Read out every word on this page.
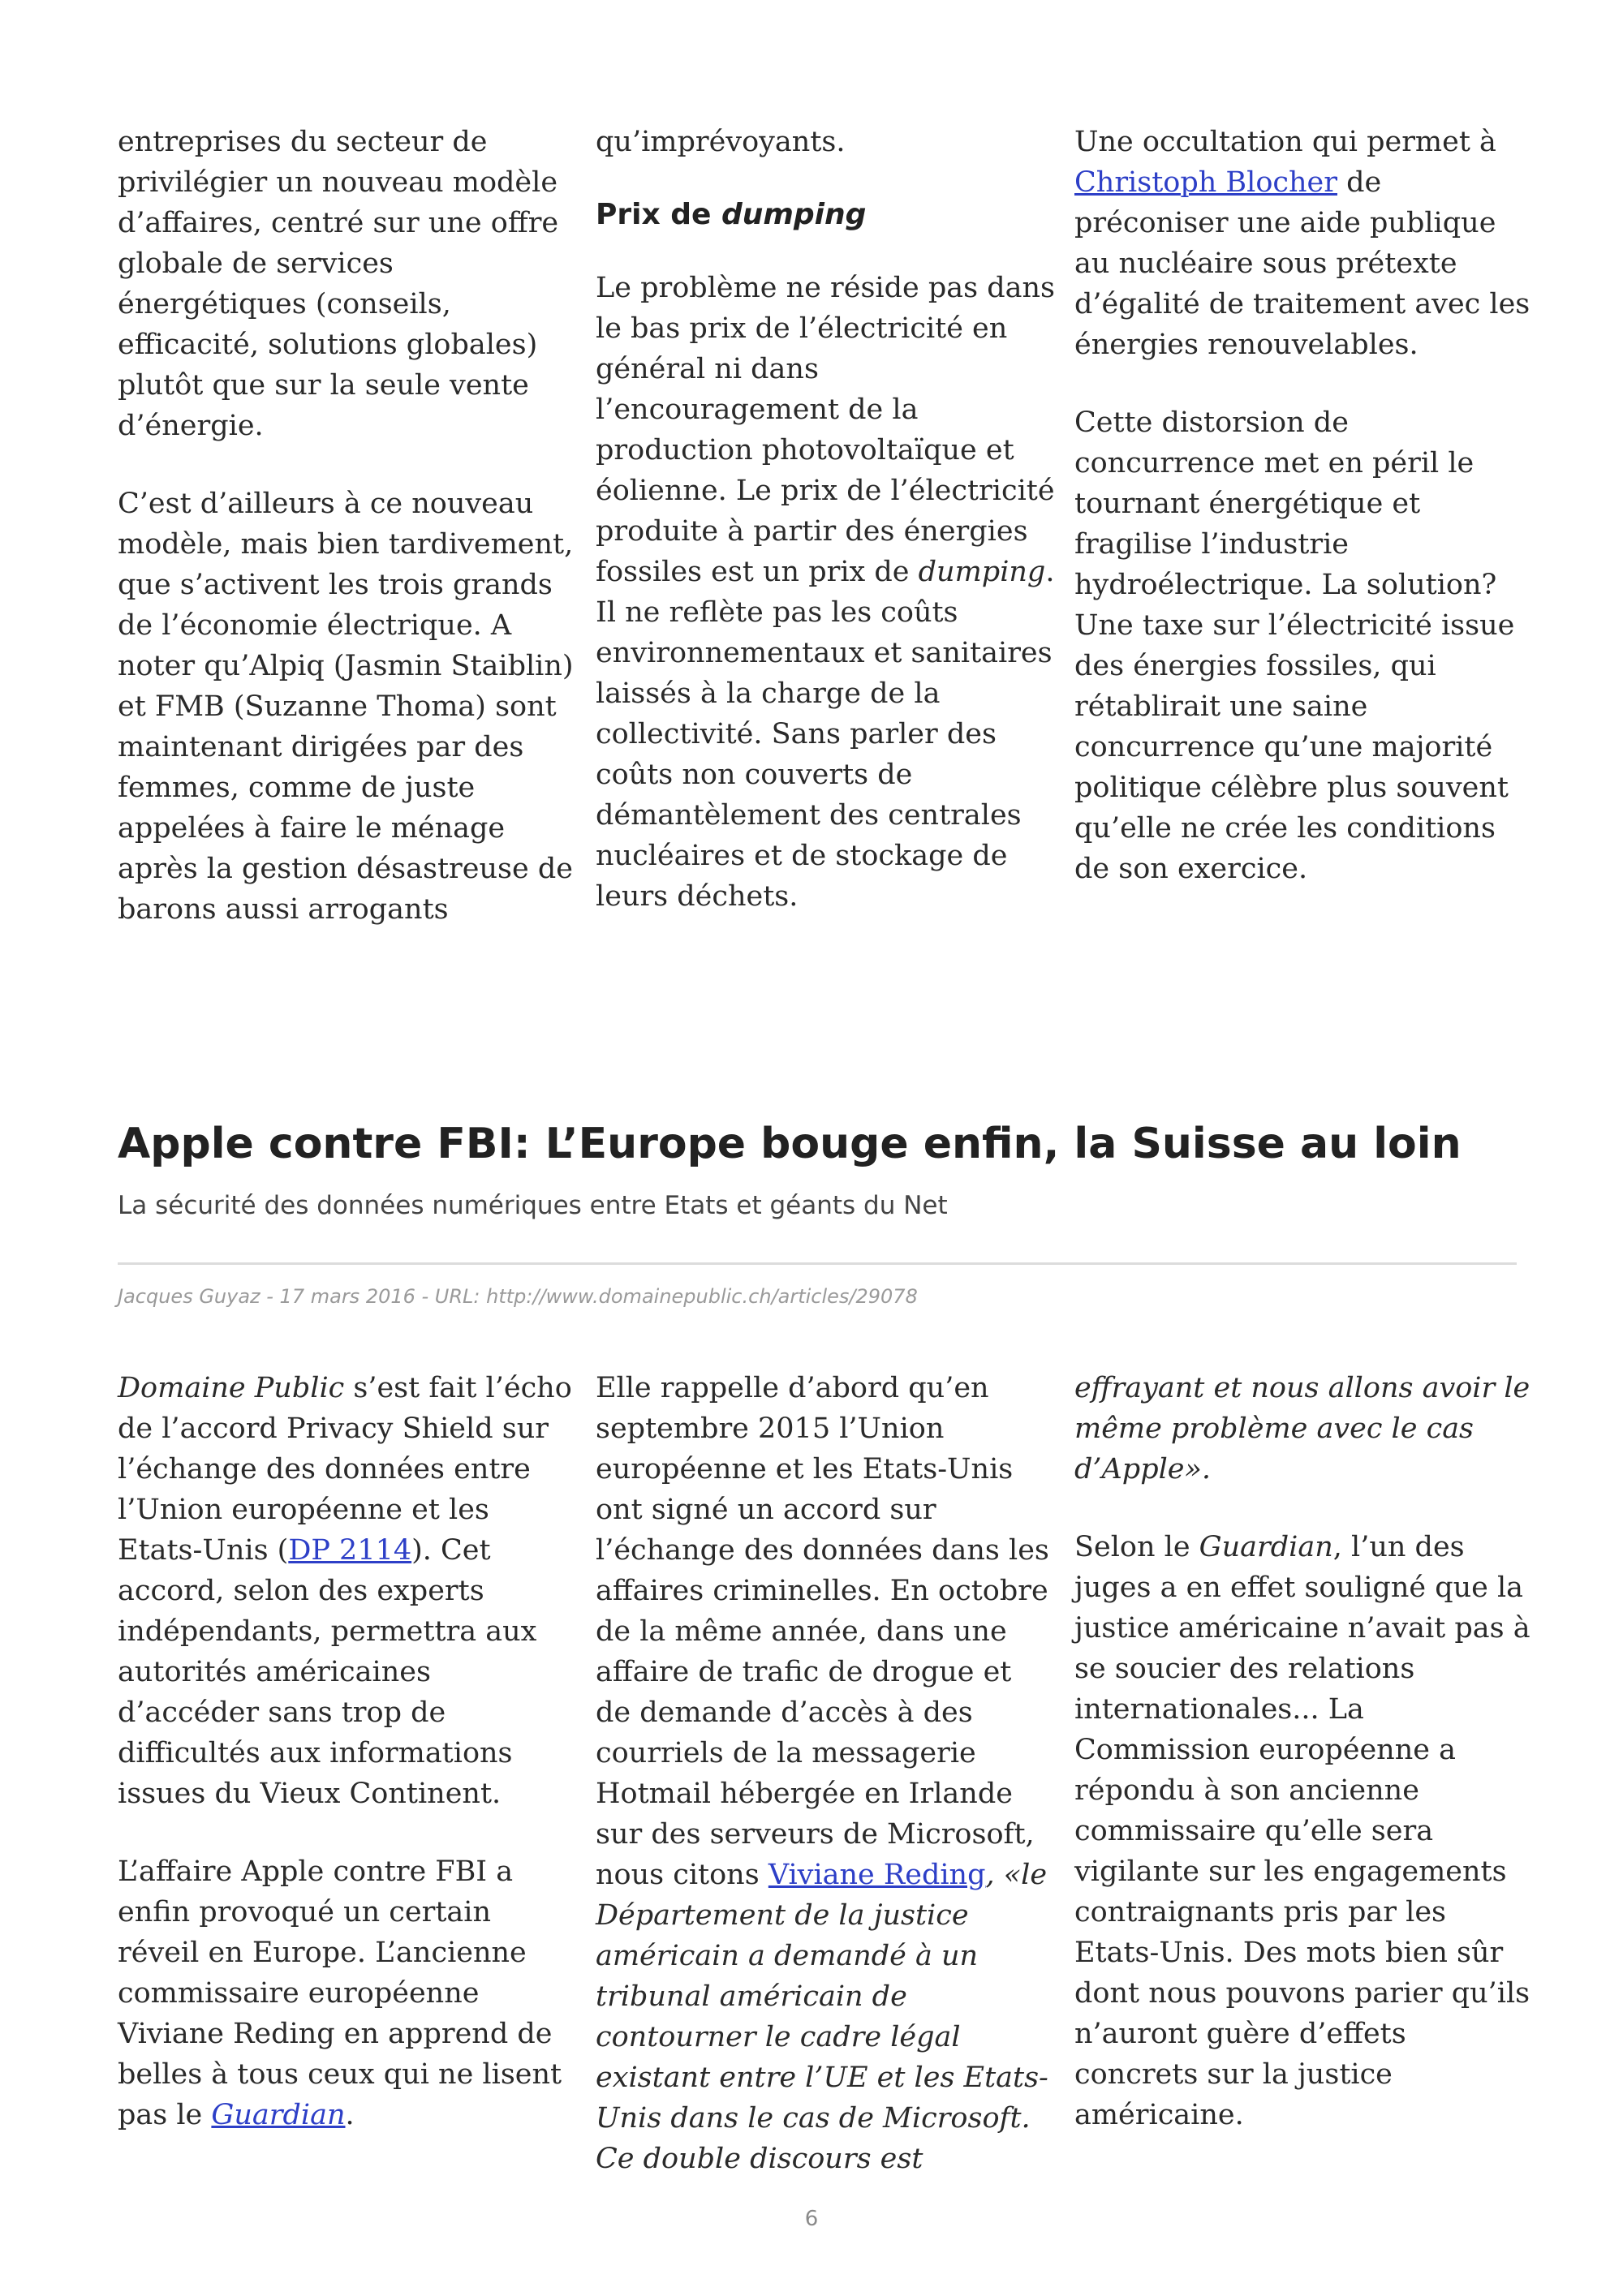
entreprises du secteur de
privilégier un nouveau modèle
d’affaires, centré sur une offre
globale de services
énergétiques (conseils,
efficacité, solutions globales)
plutôt que sur la seule vente
d’énergie.

C’est d’ailleurs à ce nouveau
modèle, mais bien tardivement,
que s’activent les trois grands
de l’économie électrique. A
noter qu’Alpiq (Jasmin Staiblin)
et FMB (Suzanne Thoma) sont
maintenant dirigées par des
femmes, comme de juste
appelées à faire le ménage
après la gestion désastreuse de
barons aussi arrogants

qu’imprévoyants.

Prix de dumping

Le problème ne réside pas dans
le bas prix de l’électricité en
général ni dans
l’encouragement de la
production photovoltaïque et
éolienne. Le prix de l’électricité
produite à partir des énergies
fossiles est un prix de dumping.
Il ne reflète pas les coûts
environnementaux et sanitaires
laissés à la charge de la
collectivité. Sans parler des
coûts non couverts de
démantèlement des centrales
nucléaires et de stockage de
leurs déchets.

Une occultation qui permet à
Christoph Blocher de
préconiser une aide publique
au nucléaire sous prétexte
d’égalité de traitement avec les
énergies renouvelables.

Cette distorsion de
concurrence met en péril le
tournant énergétique et
fragilise l’industrie
hydroélectrique. La solution?
Une taxe sur l’électricité issue
des énergies fossiles, qui
rétablirait une saine
concurrence qu’une majorité
politique célèbre plus souvent
qu’elle ne crée les conditions
de son exercice.

Apple contre FBI: L’Europe bouge enfin, la Suisse au loin

La sécurité des données numériques entre Etats et géants du Net

Jacques Guyaz - 17 mars 2016 - URL: http://www.domainepublic.ch/articles/29078

Domaine Public s’est fait l’écho
de l’accord Privacy Shield sur
l’échange des données entre
l’Union européenne et les
Etats-Unis (DP 2114). Cet
accord, selon des experts
indépendants, permettra aux
autorités américaines
d’accéder sans trop de
difficultés aux informations
issues du Vieux Continent.

L’affaire Apple contre FBI a
enfin provoqué un certain
réveil en Europe. L’ancienne
commissaire européenne
Viviane Reding en apprend de
belles à tous ceux qui ne lisent
pas le Guardian.

Elle rappelle d’abord qu’en
septembre 2015 l’Union
européenne et les Etats-Unis
ont signé un accord sur
l’échange des données dans les
affaires criminelles. En octobre
de la même année, dans une
affaire de trafic de drogue et
de demande d’accès à des
courriels de la messagerie
Hotmail hébergée en Irlande
sur des serveurs de Microsoft,
nous citons Viviane Reding, «le
Département de la justice
américain a demandé à un
tribunal américain de
contourner le cadre légal
existant entre l’UE et les Etats-
Unis dans le cas de Microsoft.
Ce double discours est

effrayant et nous allons avoir le
même problème avec le cas
d’Apple».

Selon le Guardian, l’un des
juges a en effet souligné que la
justice américaine n’avait pas à
se soucier des relations
internationales... La
Commission européenne a
répondu à son ancienne
commissaire qu’elle sera
vigilante sur les engagements
contraignants pris par les
Etats-Unis. Des mots bien sûr
dont nous pouvons parier qu’ils
n’auront guère d’effets
concrets sur la justice
américaine.

6
